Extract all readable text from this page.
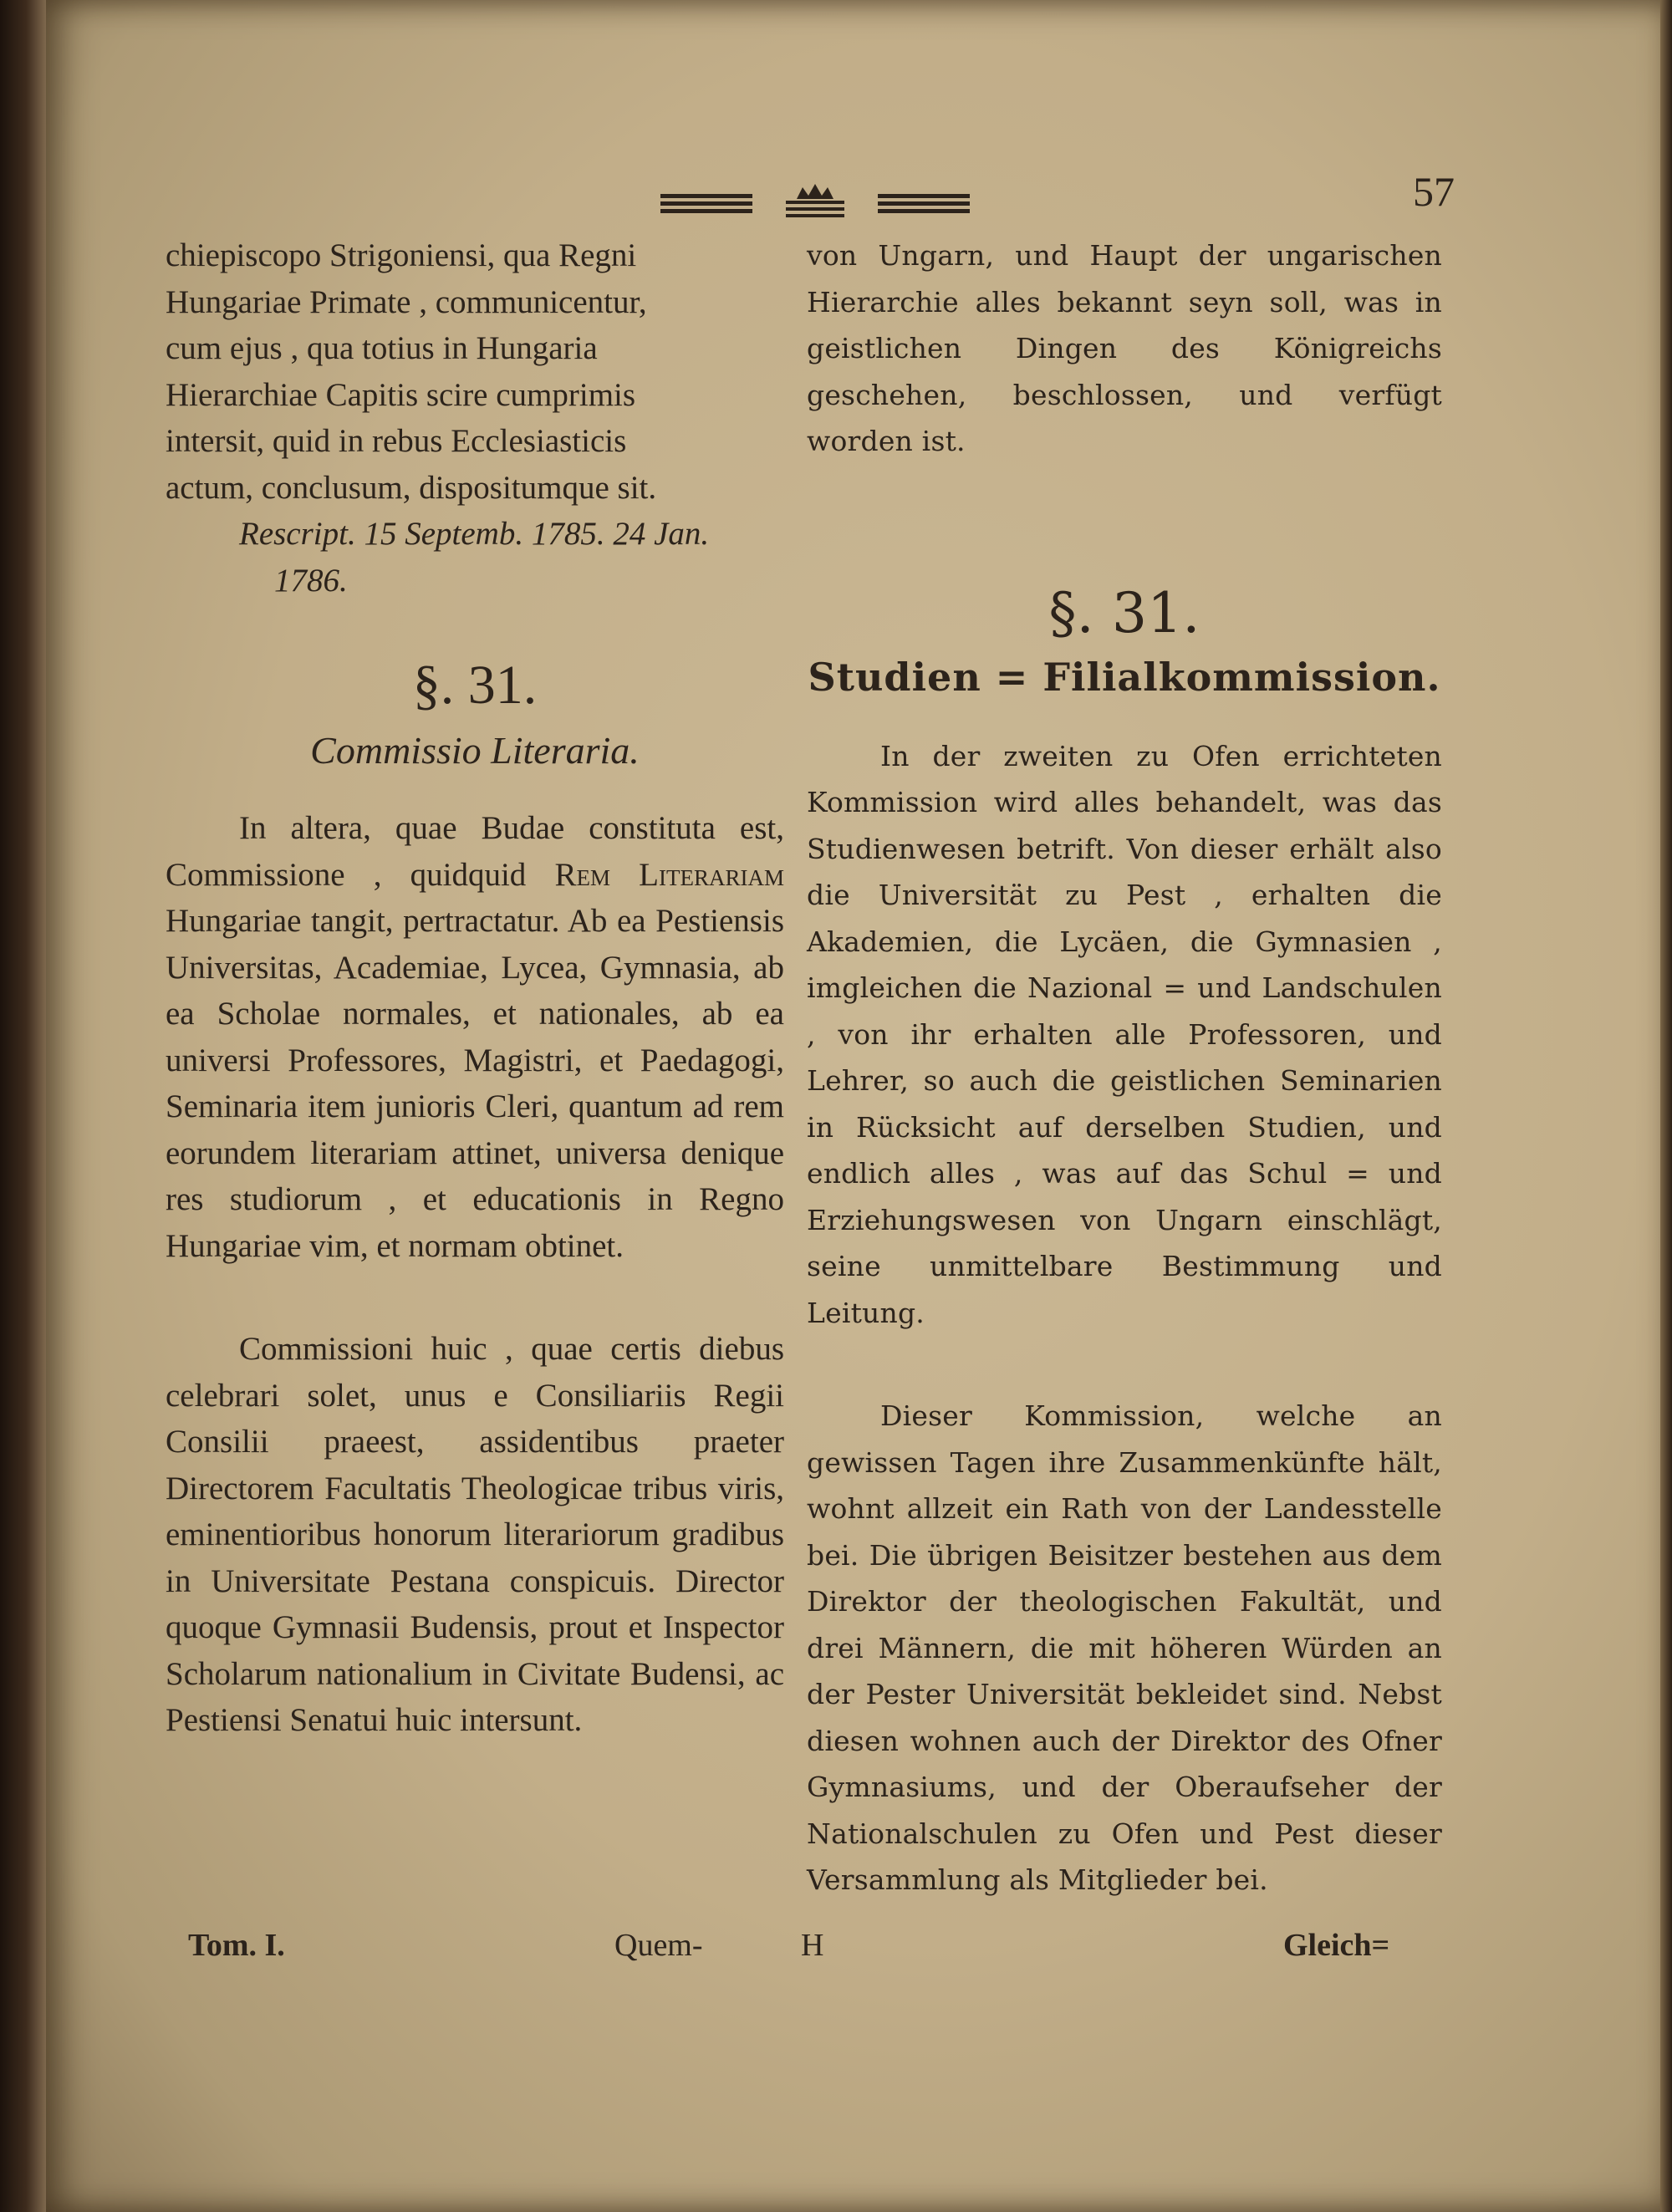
57

chiepiscopo Strigoniensi, qua Regni

Hungariae Primate , communicentur,

cum ejus , qua totius in Hungaria

Hierarchiae Capitis scire cumprimis

intersit, quid in rebus Ecclesiasticis

actum, conclusum, dispositumque sit.

Rescript. 15 Septemb. 1785. 24 Jan.

1786.

§. 31.
Commissio Literaria.

In altera, quae Budae constituta est, Commissione , quidquid Rem Literariam Hungariae tangit, pertractatur. Ab ea Pestiensis Universitas, Academiae, Lycea, Gymnasia, ab ea Scholae normales, et nationales, ab ea universi Professores, Magistri, et Paedagogi, Seminaria item junioris Cleri, quantum ad rem eorundem literariam attinet, universa denique res studiorum , et educationis in Regno Hungariae vim, et normam obtinet.

Commissioni huic , quae certis diebus celebrari solet, unus e Consiliariis Regii Consilii praeest, assidentibus praeter Directorem Facultatis Theologicae tribus viris, eminentioribus honorum literariorum gradibus in Universitate Pestana conspicuis. Director quoque Gymnasii Budensis, prout et Inspector Scholarum nationalium in Civitate Budensi, ac Pestiensi Senatui huic intersunt.

von Ungarn, und Haupt der ungarischen Hierarchie alles bekannt seyn soll, was in geistlichen Dingen des Königreichs geschehen, beschlossen, und verfügt worden ist.

§. 31.
Studien = Filialkommission.

In der zweiten zu Ofen errichteten Kommission wird alles behandelt, was das Studienwesen betrift. Von dieser erhält also die Universität zu Pest , erhalten die Akademien, die Lycäen, die Gymnasien , imgleichen die Nazional = und Landschulen , von ihr erhalten alle Professoren, und Lehrer, so auch die geistlichen Seminarien in Rücksicht auf derselben Studien, und endlich alles , was auf das Schul = und Erziehungswesen von Ungarn einschlägt, seine unmittelbare Bestimmung und Leitung.

Dieser Kommission, welche an gewissen Tagen ihre Zusammenkünfte hält, wohnt allzeit ein Rath von der Landesstelle bei. Die übrigen Beisitzer bestehen aus dem Direktor der theologischen Fakultät, und drei Männern, die mit höheren Würden an der Pester Universität bekleidet sind. Nebst diesen wohnen auch der Direktor des Ofner Gymnasiums, und der Oberaufseher der Nationalschulen zu Ofen und Pest dieser Versammlung als Mitglieder bei.

Tom. I.	Quem-	H	Gleich=
